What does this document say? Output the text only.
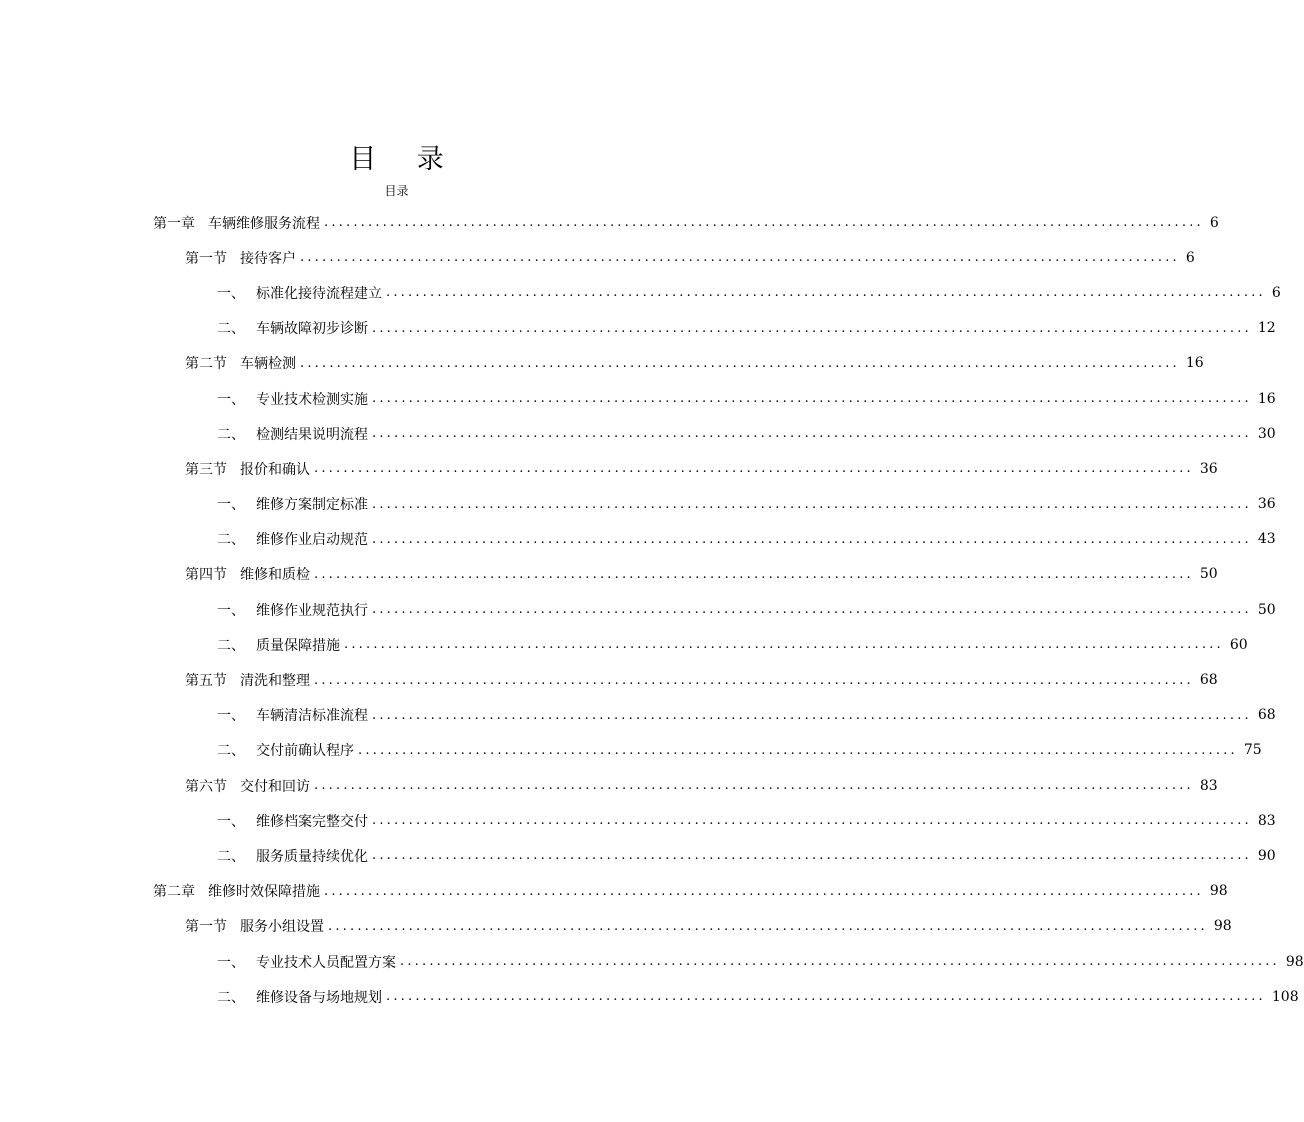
目 录
目录
第一章 车辆维修服务流程 ........................................................................................................................ 6
第一节 接待客户 ........................................................................................................................ 6
一、 标准化接待流程建立 ........................................................................................................................ 6
二、 车辆故障初步诊断 ........................................................................................................................ 12
第二节 车辆检测 ........................................................................................................................ 16
一、 专业技术检测实施 ........................................................................................................................ 16
二、 检测结果说明流程 ........................................................................................................................ 30
第三节 报价和确认 ........................................................................................................................ 36
一、 维修方案制定标准 ........................................................................................................................ 36
二、 维修作业启动规范 ........................................................................................................................ 43
第四节 维修和质检 ........................................................................................................................ 50
一、 维修作业规范执行 ........................................................................................................................ 50
二、 质量保障措施 ........................................................................................................................ 60
第五节 清洗和整理 ........................................................................................................................ 68
一、 车辆清洁标准流程 ........................................................................................................................ 68
二、 交付前确认程序 ........................................................................................................................ 75
第六节 交付和回访 ........................................................................................................................ 83
一、 维修档案完整交付 ........................................................................................................................ 83
二、 服务质量持续优化 ........................................................................................................................ 90
第二章 维修时效保障措施 ........................................................................................................................ 98
第一节 服务小组设置 ........................................................................................................................ 98
一、 专业技术人员配置方案 ........................................................................................................................ 98
二、 维修设备与场地规划 ........................................................................................................................ 108
